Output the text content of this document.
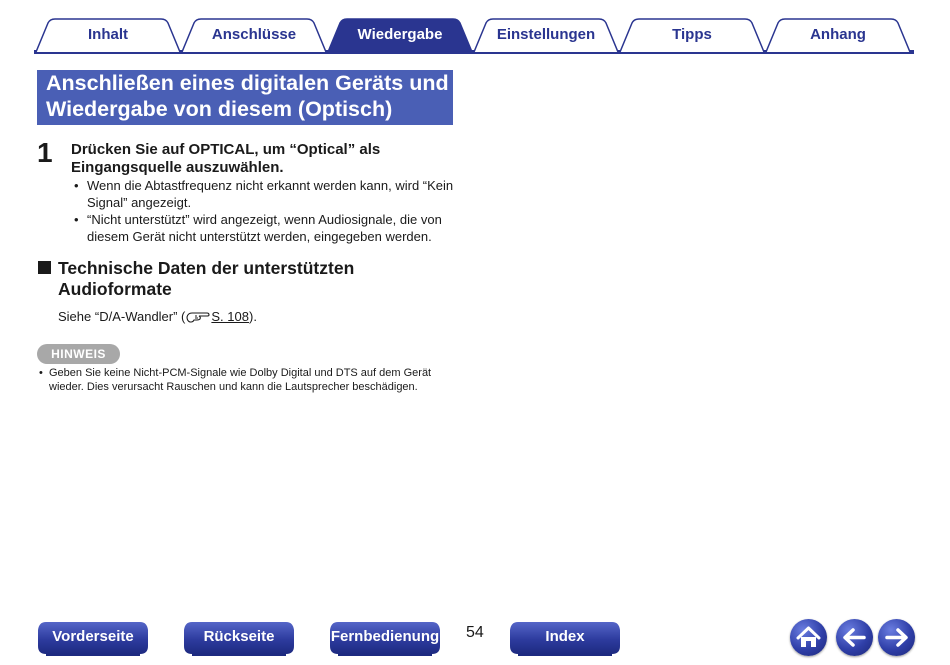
Inhalt	Anschlüsse	Wiedergabe	Einstellungen	Tipps	Anhang
Anschließen eines digitalen Geräts und
Wiedergabe von diesem (Optisch)
1 Drücken Sie auf OPTICAL, um “Optical” als
Eingangsquelle auszuwählen.
• Wenn die Abtastfrequenz nicht erkannt werden kann, wird “Kein
Signal” angezeigt.
• “Nicht unterstützt” wird angezeigt, wenn Audiosignale, die von
diesem Gerät nicht unterstützt werden, eingegeben werden.
Technische Daten der unterstützten
Audioformate
Siehe “D/A-Wandler” ( S. 108).
HINWEIS
• Geben Sie keine Nicht-PCM-Signale wie Dolby Digital und DTS auf dem Gerät
wieder. Dies verursacht Rauschen und kann die Lautsprecher beschädigen.
Vorderseite	Rückseite	Fernbedienung 54	Index
